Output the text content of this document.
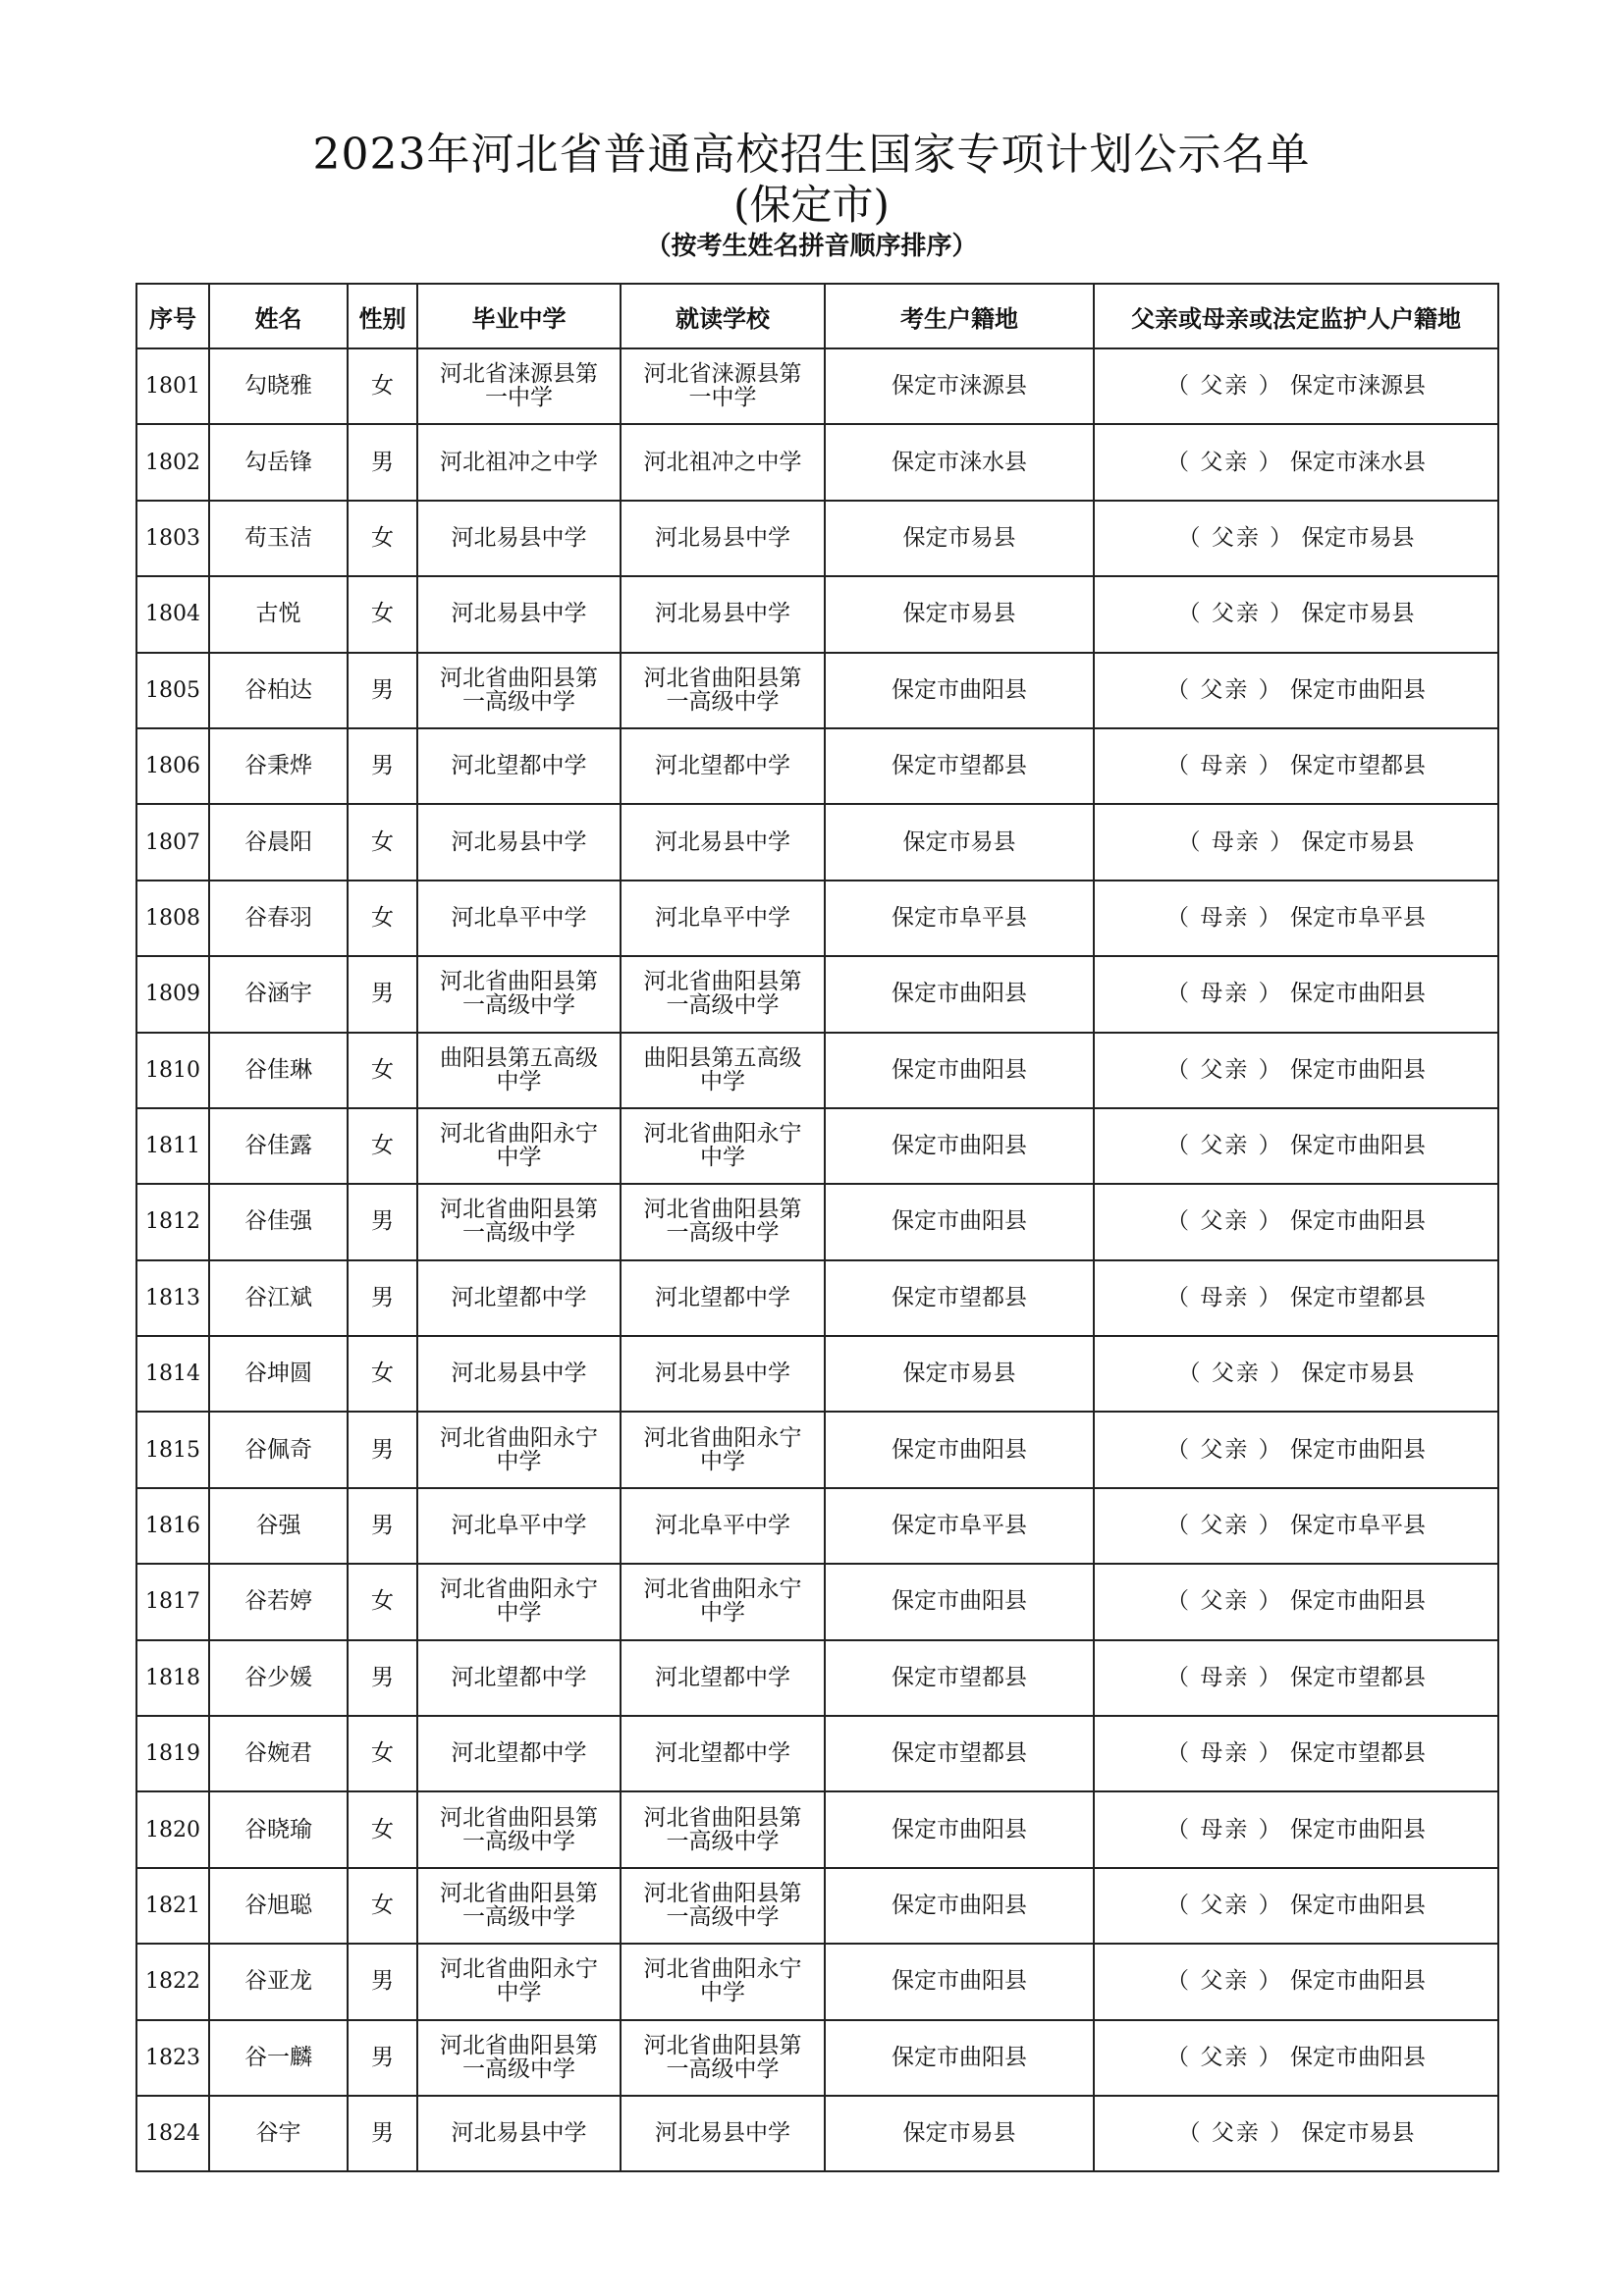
2023年河北省普通高校招生国家专项计划公示名单
(保定市)
（按考生姓名拼音顺序排序）
序号	姓名	性别	毕业中学	就读学校	考生户籍地	父亲或母亲或法定监护人户籍地
1801	勾晓雅	女	河北省涞源县第一中学	河北省涞源县第一中学	保定市涞源县	（ 父亲 ） 保定市涞源县
1802	勾岳锋	男	河北祖冲之中学	河北祖冲之中学	保定市涞水县	（ 父亲 ） 保定市涞水县
1803	苟玉洁	女	河北易县中学	河北易县中学	保定市易县	（ 父亲 ） 保定市易县
1804	古悦	女	河北易县中学	河北易县中学	保定市易县	（ 父亲 ） 保定市易县
1805	谷柏达	男	河北省曲阳县第一高级中学	河北省曲阳县第一高级中学	保定市曲阳县	（ 父亲 ） 保定市曲阳县
1806	谷秉烨	男	河北望都中学	河北望都中学	保定市望都县	（ 母亲 ） 保定市望都县
1807	谷晨阳	女	河北易县中学	河北易县中学	保定市易县	（ 母亲 ） 保定市易县
1808	谷春羽	女	河北阜平中学	河北阜平中学	保定市阜平县	（ 母亲 ） 保定市阜平县
1809	谷涵宇	男	河北省曲阳县第一高级中学	河北省曲阳县第一高级中学	保定市曲阳县	（ 母亲 ） 保定市曲阳县
1810	谷佳琳	女	曲阳县第五高级中学	曲阳县第五高级中学	保定市曲阳县	（ 父亲 ） 保定市曲阳县
1811	谷佳露	女	河北省曲阳永宁中学	河北省曲阳永宁中学	保定市曲阳县	（ 父亲 ） 保定市曲阳县
1812	谷佳强	男	河北省曲阳县第一高级中学	河北省曲阳县第一高级中学	保定市曲阳县	（ 父亲 ） 保定市曲阳县
1813	谷江斌	男	河北望都中学	河北望都中学	保定市望都县	（ 母亲 ） 保定市望都县
1814	谷坤圆	女	河北易县中学	河北易县中学	保定市易县	（ 父亲 ） 保定市易县
1815	谷佩奇	男	河北省曲阳永宁中学	河北省曲阳永宁中学	保定市曲阳县	（ 父亲 ） 保定市曲阳县
1816	谷强	男	河北阜平中学	河北阜平中学	保定市阜平县	（ 父亲 ） 保定市阜平县
1817	谷若婷	女	河北省曲阳永宁中学	河北省曲阳永宁中学	保定市曲阳县	（ 父亲 ） 保定市曲阳县
1818	谷少媛	男	河北望都中学	河北望都中学	保定市望都县	（ 母亲 ） 保定市望都县
1819	谷婉君	女	河北望都中学	河北望都中学	保定市望都县	（ 母亲 ） 保定市望都县
1820	谷晓瑜	女	河北省曲阳县第一高级中学	河北省曲阳县第一高级中学	保定市曲阳县	（ 母亲 ） 保定市曲阳县
1821	谷旭聪	女	河北省曲阳县第一高级中学	河北省曲阳县第一高级中学	保定市曲阳县	（ 父亲 ） 保定市曲阳县
1822	谷亚龙	男	河北省曲阳永宁中学	河北省曲阳永宁中学	保定市曲阳县	（ 父亲 ） 保定市曲阳县
1823	谷一麟	男	河北省曲阳县第一高级中学	河北省曲阳县第一高级中学	保定市曲阳县	（ 父亲 ） 保定市曲阳县
1824	谷宇	男	河北易县中学	河北易县中学	保定市易县	（ 父亲 ） 保定市易县
